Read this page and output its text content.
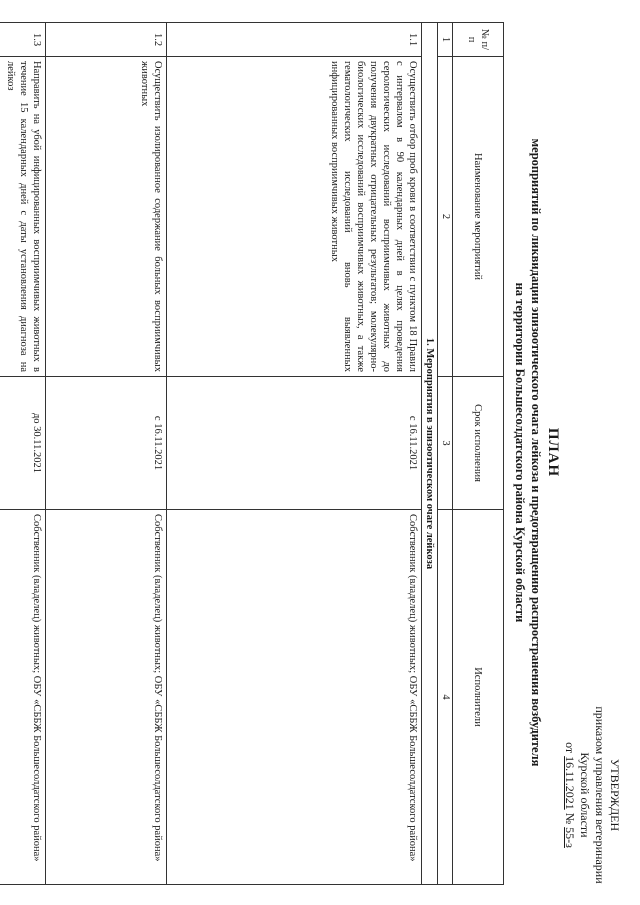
УТВЕРЖДЕН
приказом управления ветеринарии
Курской области
от 16.11.2021 № 55-з
ПЛАН
мероприятий по ликвидации эпизоотического очага лейкоза и предотвращению распространения возбудителя
на территории Большесолдатского района Курской области
№ п/п	Наименование мероприятий	Срок исполнения	Исполнители
1	2	3	4
1. Мероприятия в эпизоотическом очаге лейкоза			
1.1	Осуществить отбор проб крови в соответствии с пунктом 18 Правил с интервалом в 90 календарных дней в целях проведения серологических исследований восприимчивых животных до получения двукратных отрицательных результатов; молекулярно-биологических исследований восприимчивых животных, а также гематологических исследований вновь выявленных инфицированных восприимчивых животных	с 16.11.2021	Собственник (владелец) животных; ОБУ «СББЖ Большесолдатского района»
1.2	Осуществить изолированное содержание больных восприимчивых животных	с 16.11.2021	Собственник (владелец) животных; ОБУ «СББЖ Большесолдатского района»
1.3	Направить на убой инфицированных восприимчивых животных в течение 15 календарных дней с даты установления диагноза на лейкоз	до 30.11.2021	Собственник (владелец) животных; ОБУ «СББЖ Большесолдатского района»
